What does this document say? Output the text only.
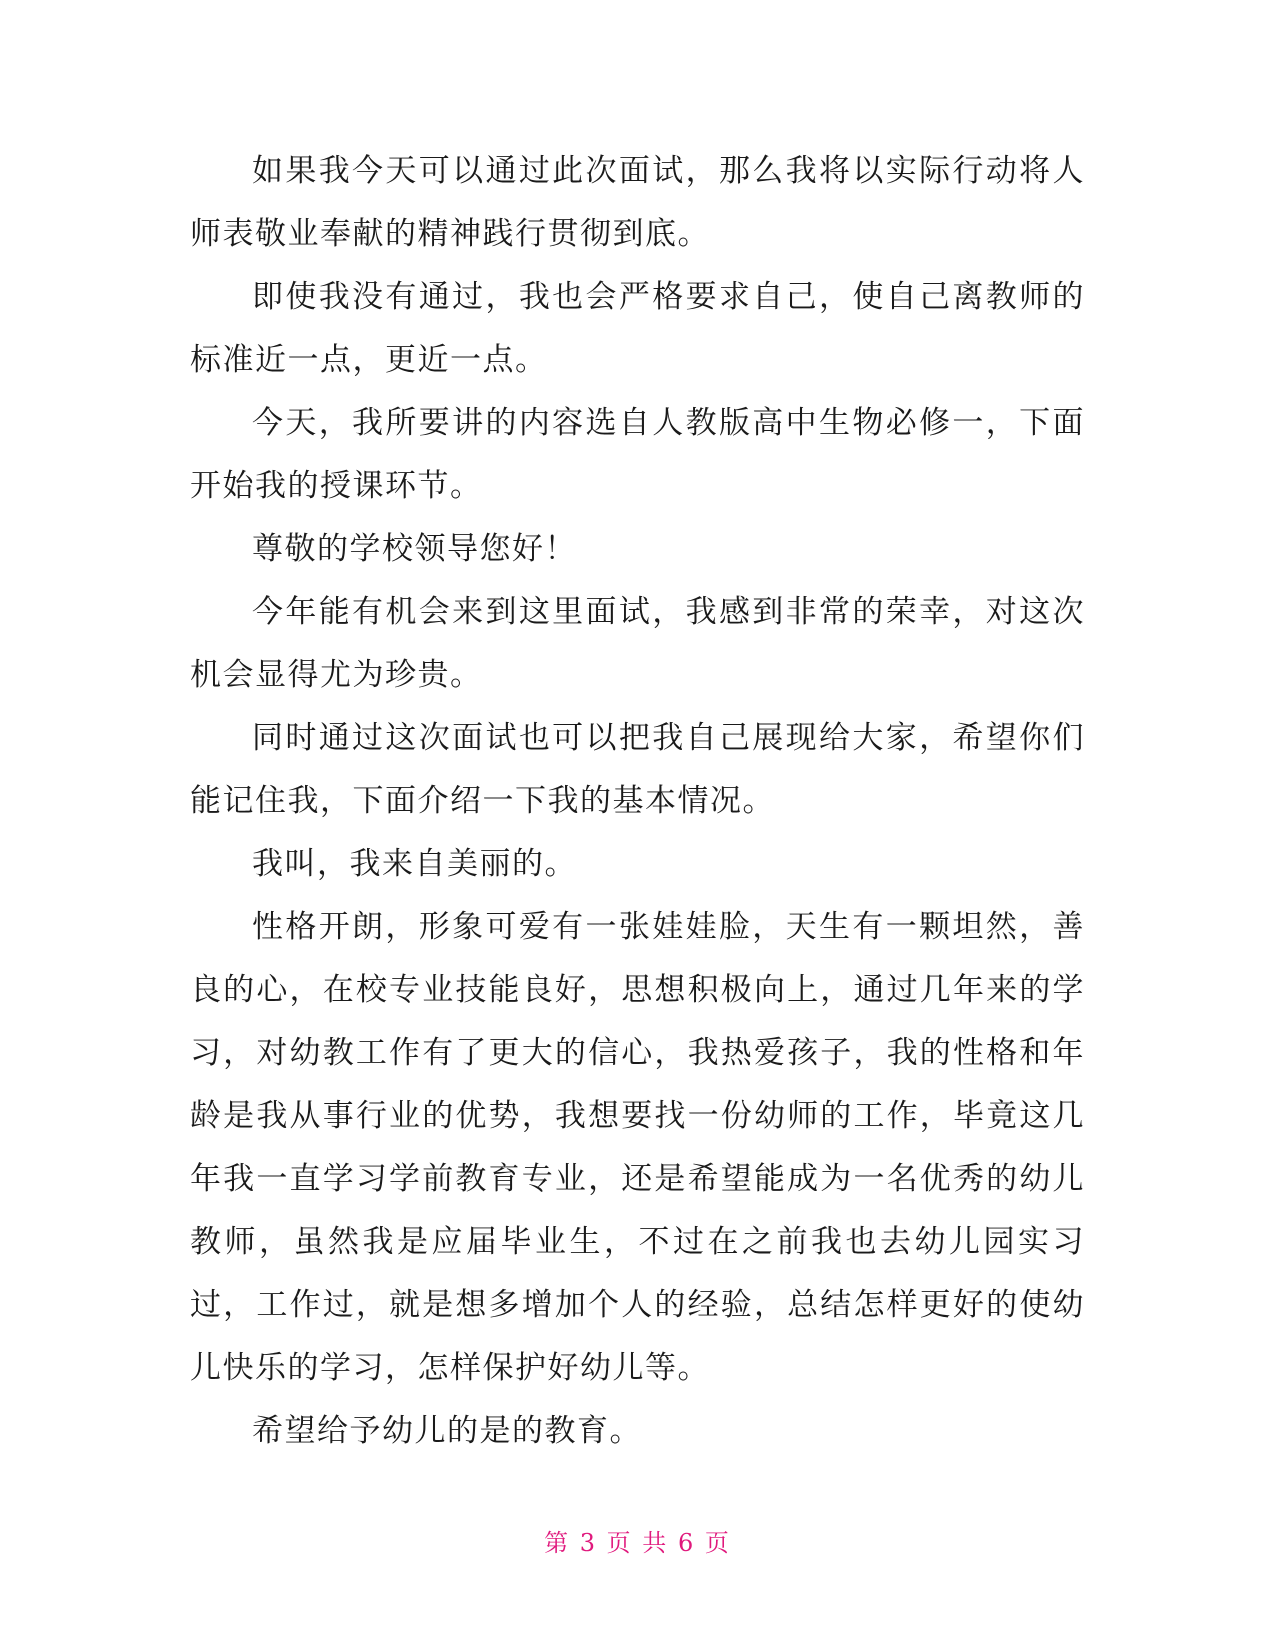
如果我今天可以通过此次面试，那么我将以实际行动将人师表敬业奉献的精神践行贯彻到底。

即使我没有通过，我也会严格要求自己，使自己离教师的标准近一点，更近一点。

今天，我所要讲的内容选自人教版高中生物必修一，下面开始我的授课环节。

尊敬的学校领导您好！

今年能有机会来到这里面试，我感到非常的荣幸，对这次机会显得尤为珍贵。

同时通过这次面试也可以把我自己展现给大家，希望你们能记住我，下面介绍一下我的基本情况。

我叫，我来自美丽的。

性格开朗，形象可爱有一张娃娃脸，天生有一颗坦然，善良的心，在校专业技能良好，思想积极向上，通过几年来的学习，对幼教工作有了更大的信心，我热爱孩子，我的性格和年龄是我从事行业的优势，我想要找一份幼师的工作，毕竟这几年我一直学习学前教育专业，还是希望能成为一名优秀的幼儿教师，虽然我是应届毕业生，不过在之前我也去幼儿园实习过，工作过，就是想多增加个人的经验，总结怎样更好的使幼儿快乐的学习，怎样保护好幼儿等。

希望给予幼儿的是的教育。

第 3 页 共 6 页
